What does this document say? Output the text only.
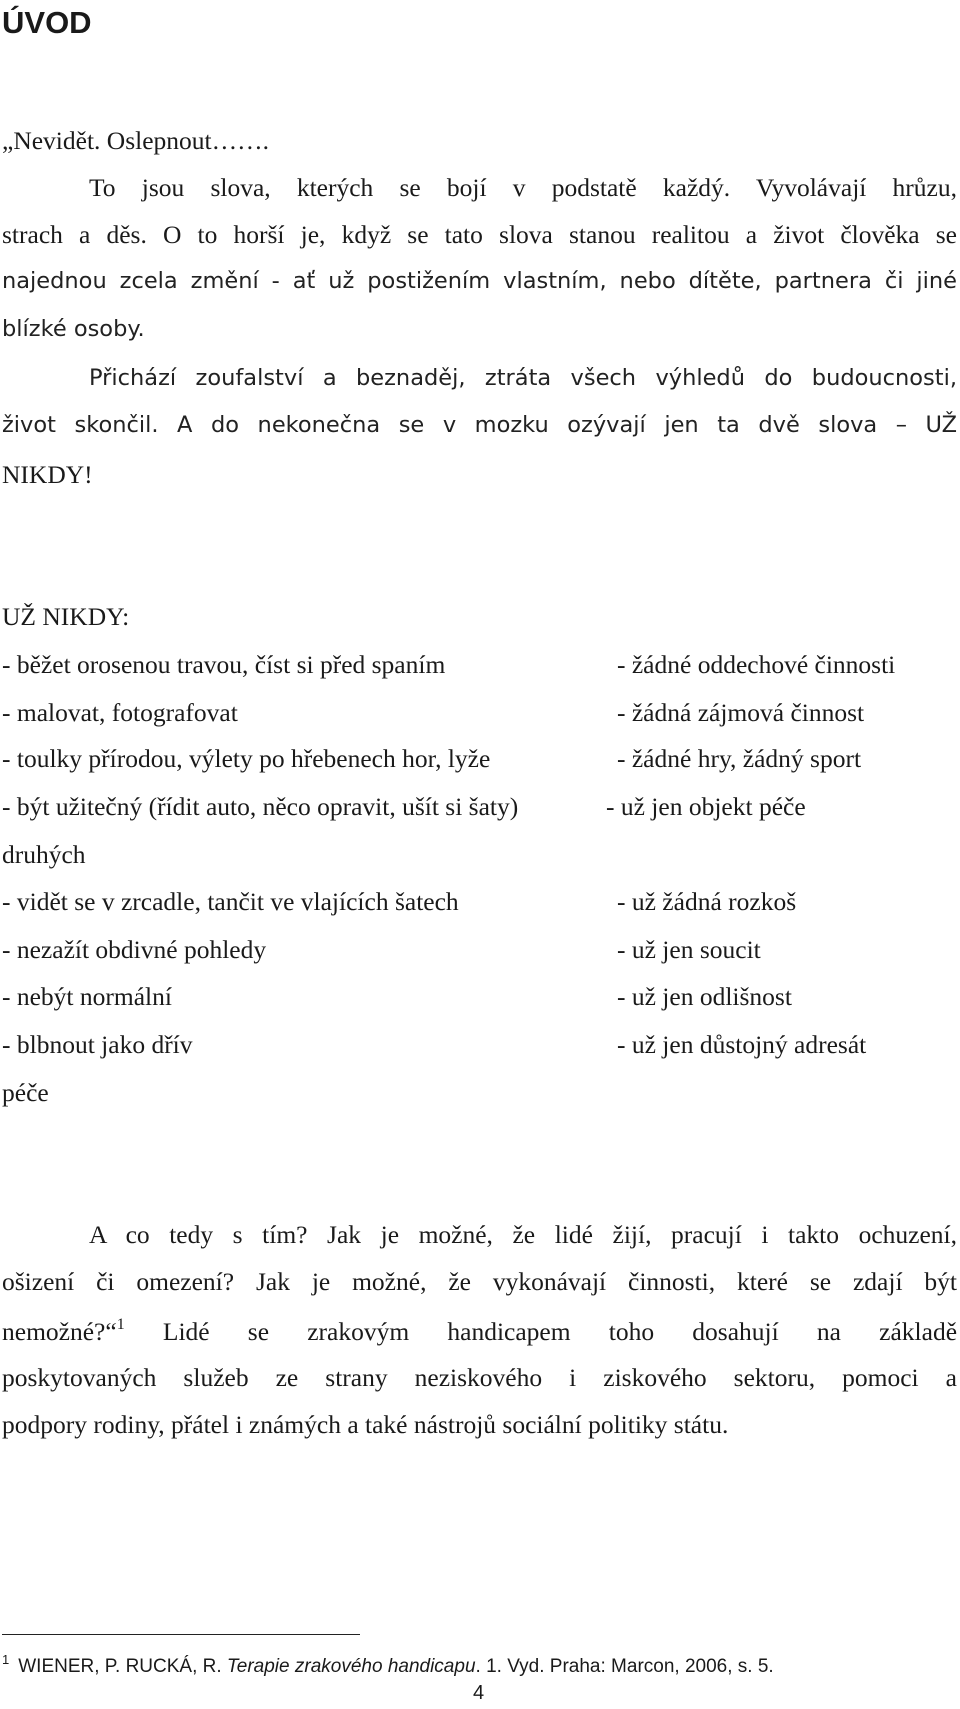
ÚVOD
„Nevidět. Oslepnout…….
To jsou slova, kterých se bojí v podstatě každý. Vyvolávají hrůzu,
strach a děs. O to horší je, když se tato slova stanou realitou a život člověka se
najednou zcela změní - ať už postižením vlastním, nebo dítěte, partnera či jiné
blízké osoby.
Přichází zoufalství a beznaděj, ztráta všech výhledů do budoucnosti,
život skončil. A do nekonečna se v mozku ozývají jen ta dvě slova – UŽ
NIKDY!
UŽ NIKDY:
- běžet orosenou travou, číst si před spaním	- žádné oddechové činnosti
- malovat, fotografovat	- žádná zájmová činnost
- toulky přírodou, výlety po hřebenech hor, lyže	- žádné hry, žádný sport
- být užitečný (řídit auto, něco opravit, ušít si šaty)	- už jen objekt péče
druhých
- vidět se v zrcadle, tančit ve vlajících šatech	- už žádná rozkoš
- nezažít obdivné pohledy	- už jen soucit
- nebýt normální	- už jen odlišnost
- blbnout jako dřív	- už jen důstojný adresát
péče
A co tedy s tím? Jak je možné, že lidé žijí, pracují i takto ochuzení,
ošizení či omezení? Jak je možné, že vykonávají činnosti, které se zdají být
nemožné?“$^1$ Lidé se zrakovým handicapem toho dosahují na základě
poskytovaných služeb ze strany neziskového i ziskového sektoru, pomoci a
podpory rodiny, přátel i známých a také nástrojů sociální politiky státu.
$^1$ WIENER, P. RUCKÁ, R. Terapie zrakového handicapu. 1. Vyd. Praha: Marcon, 2006, s. 5.
4
